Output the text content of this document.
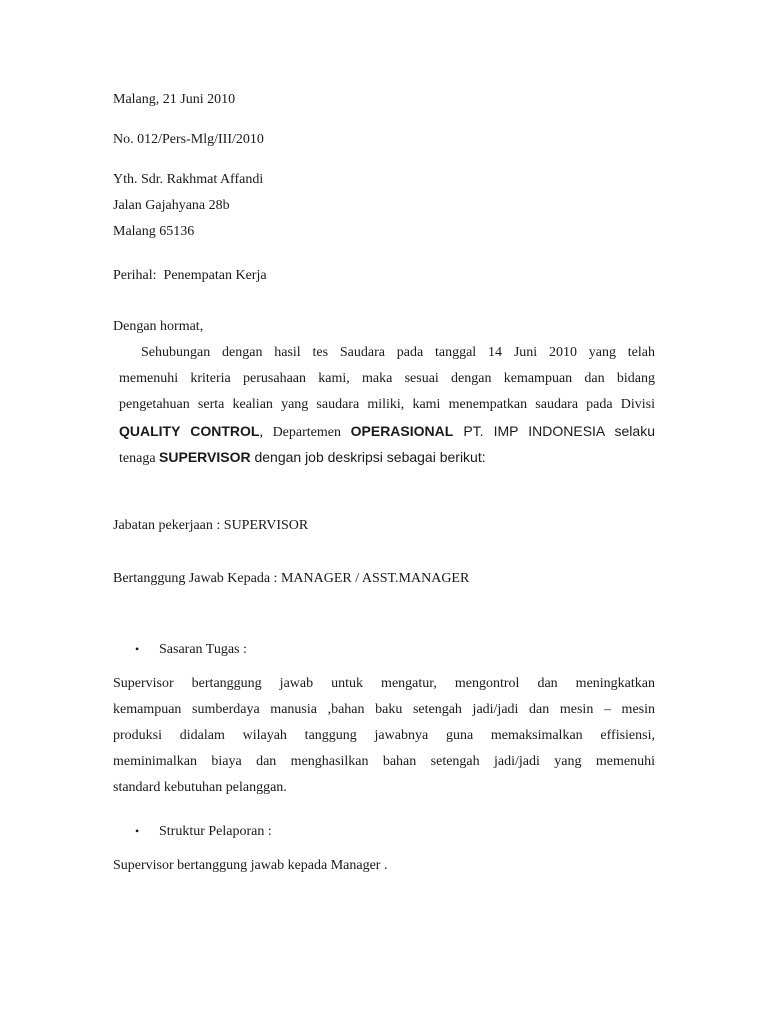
Malang, 21 Juni 2010
No. 012/Pers-Mlg/III/2010
Yth. Sdr. Rakhmat Affandi
Jalan Gajahyana 28b
Malang 65136
Perihal: Penempatan Kerja
Dengan hormat,
Sehubungan dengan hasil tes Saudara pada tanggal 14 Juni 2010 yang telah
memenuhi kriteria perusahaan kami, maka sesuai dengan kemampuan dan bidang
pengetahuan serta kealian yang saudara miliki, kami menempatkan saudara pada Divisi
QUALITY CONTROL, Departemen OPERASIONAL PT. IMP INDONESIA selaku
tenaga SUPERVISOR dengan job deskripsi sebagai berikut:
Jabatan pekerjaan : SUPERVISOR
Bertanggung Jawab Kepada : MANAGER / ASST.MANAGER
• Sasaran Tugas :
Supervisor bertanggung jawab untuk mengatur, mengontrol dan meningkatkan
kemampuan sumberdaya manusia ,bahan baku setengah jadi/jadi dan mesin – mesin
produksi didalam wilayah tanggung jawabnya guna memaksimalkan effisiensi,
meminimalkan biaya dan menghasilkan bahan setengah jadi/jadi yang memenuhi
standard kebutuhan pelanggan.
• Struktur Pelaporan :
Supervisor bertanggung jawab kepada Manager .
